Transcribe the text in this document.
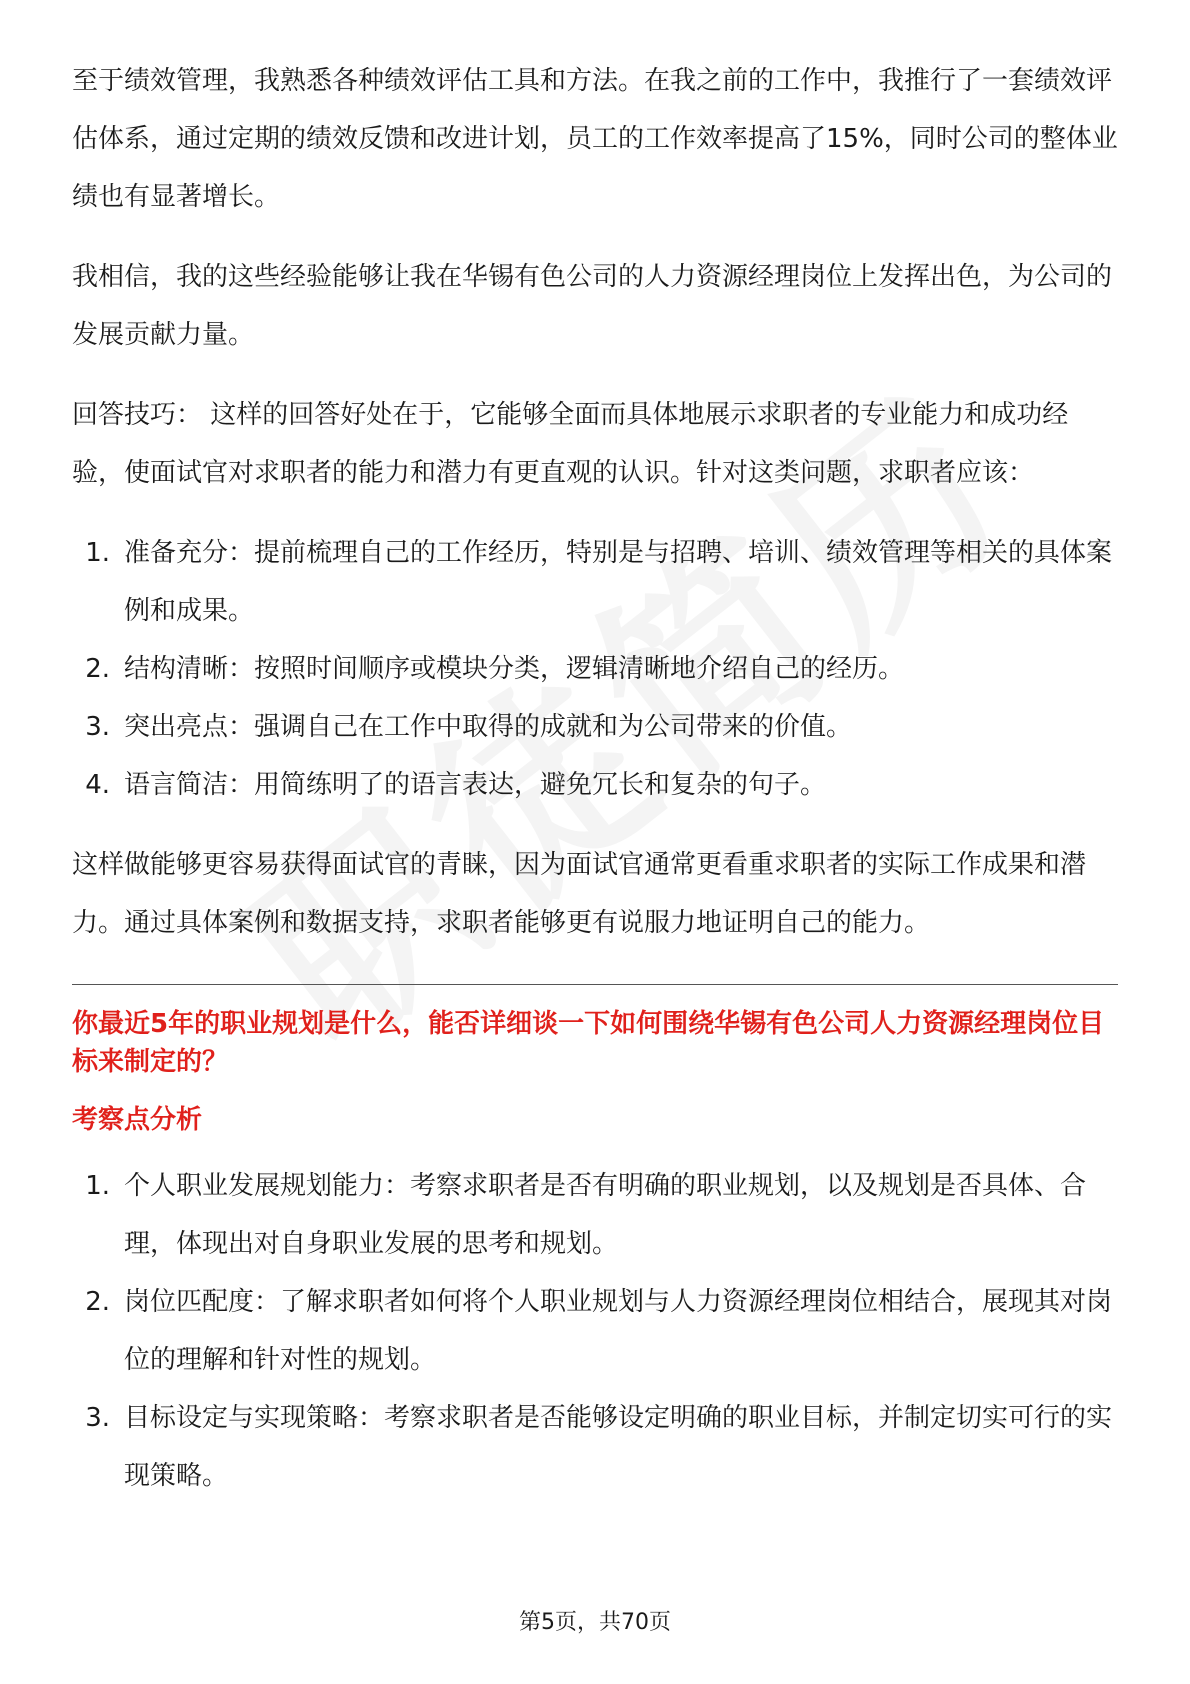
至于绩效管理，我熟悉各种绩效评估工具和方法。在我之前的工作中，我推行了一套绩效评估体系，通过定期的绩效反馈和改进计划，员工的工作效率提高了15%，同时公司的整体业绩也有显著增长。

我相信，我的这些经验能够让我在华锡有色公司的人力资源经理岗位上发挥出色，为公司的发展贡献力量。

回答技巧： 这样的回答好处在于，它能够全面而具体地展示求职者的专业能力和成功经验，使面试官对求职者的能力和潜力有更直观的认识。针对这类问题，求职者应该：

1. 准备充分：提前梳理自己的工作经历，特别是与招聘、培训、绩效管理等相关的具体案例和成果。
2. 结构清晰：按照时间顺序或模块分类，逻辑清晰地介绍自己的经历。
3. 突出亮点：强调自己在工作中取得的成就和为公司带来的价值。
4. 语言简洁：用简练明了的语言表达，避免冗长和复杂的句子。

这样做能够更容易获得面试官的青睐，因为面试官通常更看重求职者的实际工作成果和潜力。通过具体案例和数据支持，求职者能够更有说服力地证明自己的能力。

你最近5年的职业规划是什么，能否详细谈一下如何围绕华锡有色公司人力资源经理岗位目标来制定的？
考察点分析
1. 个人职业发展规划能力：考察求职者是否有明确的职业规划，以及规划是否具体、合理，体现出对自身职业发展的思考和规划。
2. 岗位匹配度：了解求职者如何将个人职业规划与人力资源经理岗位相结合，展现其对岗位的理解和针对性的规划。
3. 目标设定与实现策略：考察求职者是否能够设定明确的职业目标，并制定切实可行的实现策略。
第5页，共70页
